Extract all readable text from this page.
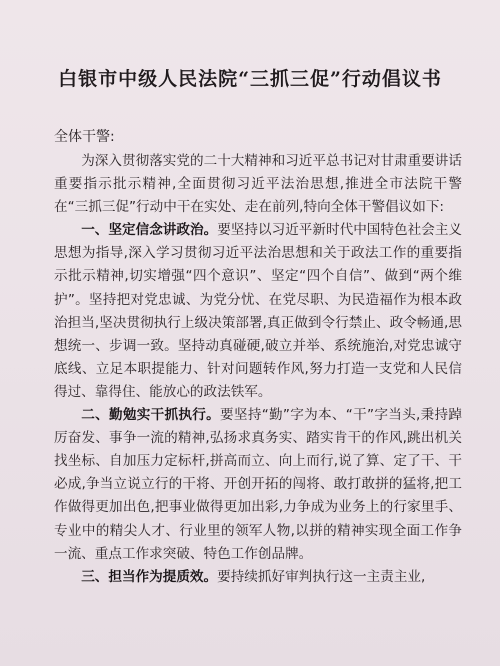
白银市中级人民法院“三抓三促”行动倡议书
全体干警:

为深入贯彻落实党的二十大精神和习近平总书记对甘肃重要讲话重要指示批示精神,全面贯彻习近平法治思想,推进全市法院干警在“三抓三促”行动中干在实处、走在前列,特向全体干警倡议如下:

一、坚定信念讲政治。要坚持以习近平新时代中国特色社会主义思想为指导,深入学习贯彻习近平法治思想和关于政法工作的重要指示批示精神,切实增强“四个意识”、坚定“四个自信”、做到“两个维护”。坚持把对党忠诚、为党分忧、在党尽职、为民造福作为根本政治担当,坚决贯彻执行上级决策部署,真正做到令行禁止、政令畅通,思想统一、步调一致。坚持动真碰硬,破立并举、系统施治,对党忠诚守底线、立足本职提能力、针对问题转作风,努力打造一支党和人民信得过、靠得住、能放心的政法铁军。

二、勤勉实干抓执行。要坚持“勤”字为本、“干”字当头,秉持踔厉奋发、事争一流的精神,弘扬求真务实、踏实肯干的作风,跳出机关找坐标、自加压力定标杆,拼高而立、向上而行,说了算、定了干、干必成,争当立说立行的干将、开创开拓的闯将、敢打敢拼的猛将,把工作做得更加出色,把事业做得更加出彩,力争成为业务上的行家里手、专业中的精尖人才、行业里的领军人物,以拼的精神实现全面工作争一流、重点工作求突破、特色工作创品牌。

三、担当作为提质效。要持续抓好审判执行这一主责主业,
